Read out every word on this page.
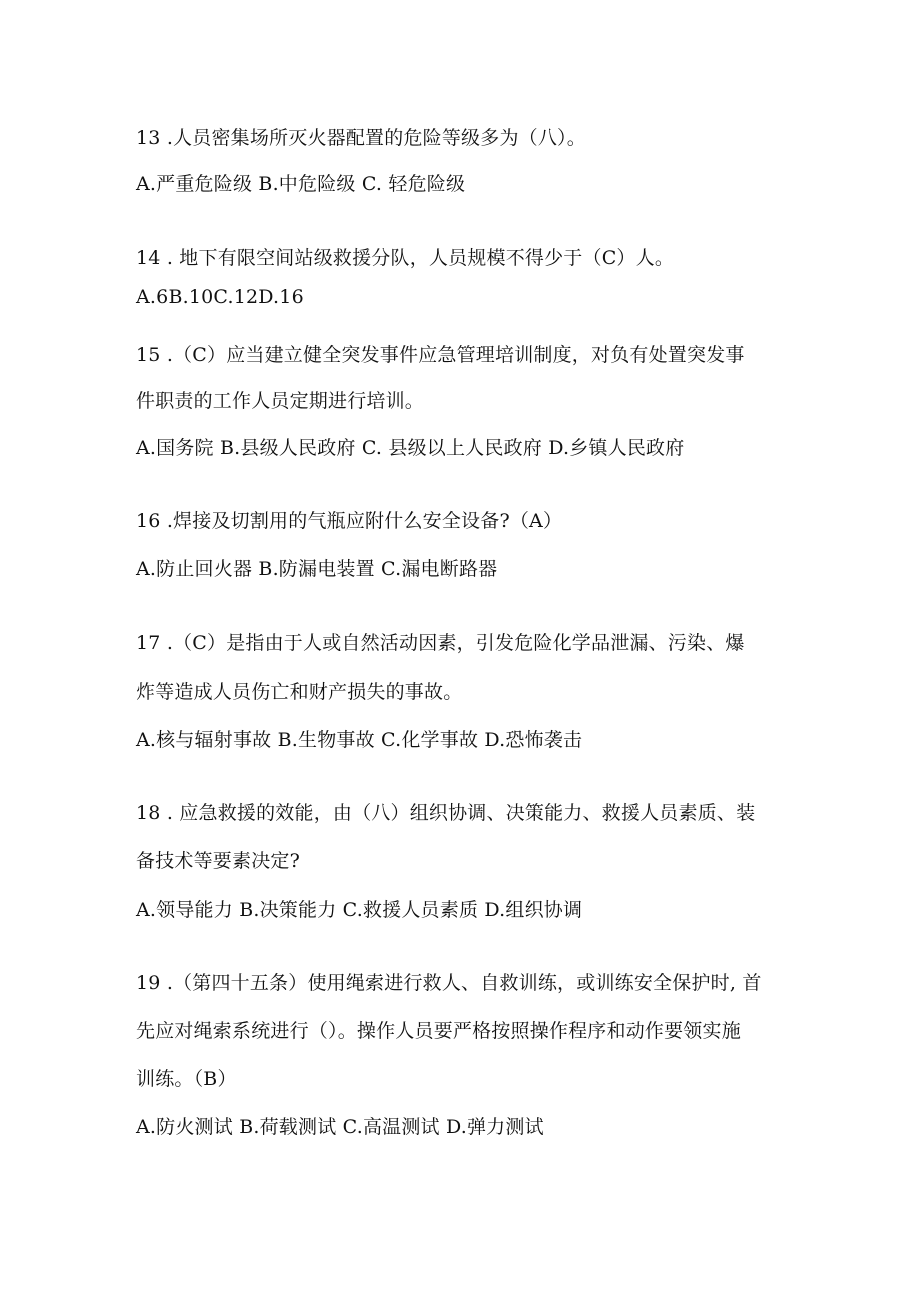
13 .人员密集场所灭火器配置的危险等级多为（八）。
A.严重危险级 B.中危险级 C. 轻危险级
14 . 地下有限空间站级救援分队，人员规模不得少于（C）人。
A.6B.10C.12D.16
15 .（C）应当建立健全突发事件应急管理培训制度，对负有处置突发事
件职责的工作人员定期进行培训。
A.国务院 B.县级人民政府 C. 县级以上人民政府 D.乡镇人民政府
16 .焊接及切割用的气瓶应附什么安全设备?（A）
A.防止回火器 B.防漏电装置 C.漏电断路器
17 .（C）是指由于人或自然活动因素，引发危险化学品泄漏、污染、爆
炸等造成人员伤亡和财产损失的事故。
A.核与辐射事故 B.生物事故 C.化学事故 D.恐怖袭击
18 . 应急救援的效能，由（八）组织协调、决策能力、救援人员素质、装
备技术等要素决定?
A.领导能力 B.决策能力 C.救援人员素质 D.组织协调
19 .（第四十五条）使用绳索进行救人、自救训练，或训练安全保护时, 首
先应对绳索系统进行（）。操作人员要严格按照操作程序和动作要领实施
训练。（B）
A.防火测试 B.荷载测试 C.高温测试 D.弹力测试
